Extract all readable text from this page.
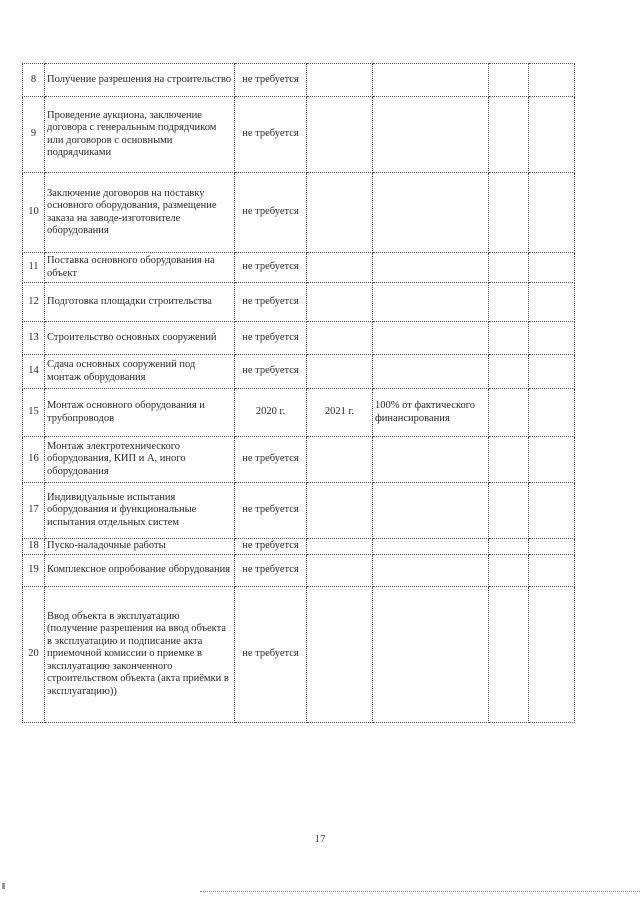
8	Получение разрешения на строительство	не требуется				
9	Проведение аукциона, заключение договора с генеральным подрядчиком или договоров с основными подрядчиками	не требуется				
10	Заключение договоров на поставку основного оборудования, размещение заказа на заводе-изготовителе оборудования	не требуется				
11	Поставка основного оборудования на объект	не требуется				
12	Подготовка площадки строительства	не требуется				
13	Строительство основных сооружений	не требуется				
14	Сдача основных сооружений под монтаж оборудования	не требуется				
15	Монтаж основного оборудования и трубопроводов	2020 г.	2021 г.	100% от фактического финансирования		
16	Монтаж электротехнического оборудования, КИП и А, иного оборудования	не требуется				
17	Индивидуальные испытания оборудования и функциональные испытания отдельных систем	не требуется				
18	Пуско-наладочные работы	не требуется				
19	Комплексное опробование оборудования	не требуется				
20	Ввод объекта в эксплуатацию (получение разрешения на ввод объекта в эксплуатацию и подписание акта приемочной комиссии о приемке в эксплуатацию законченного строительством объекта (акта приёмки в эксплуатацию))	не требуется				
17
